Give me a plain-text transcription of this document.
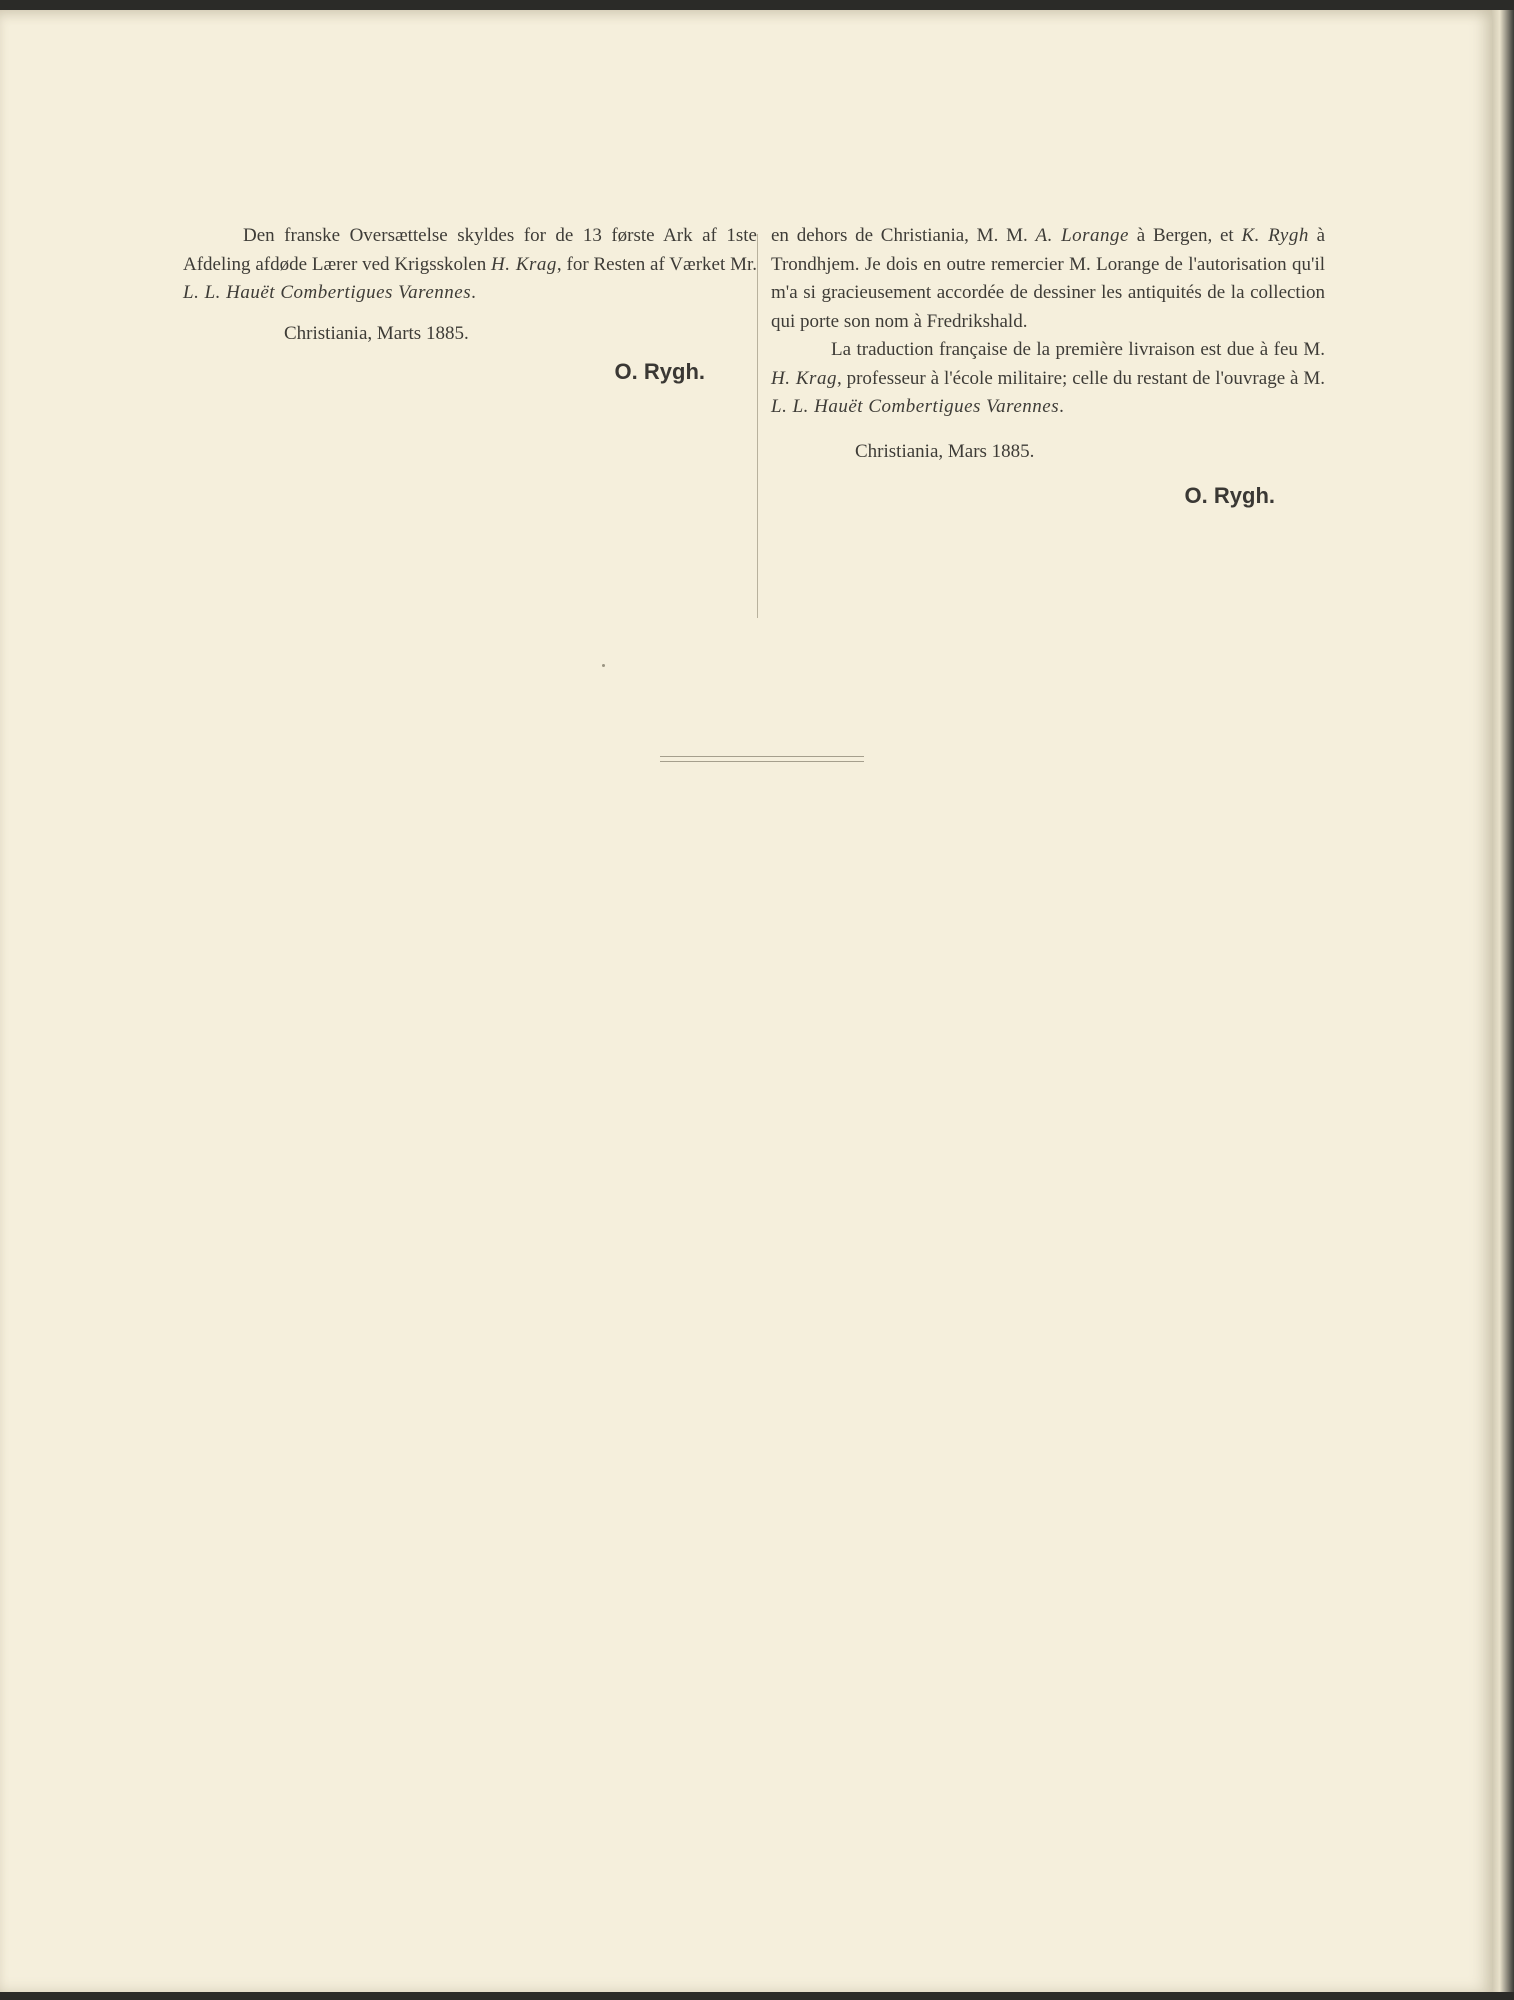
Den franske Oversættelse skyldes for de 13 første Ark af 1ste Afdeling afdøde Lærer ved Krigsskolen H. Krag, for Resten af Værket Mr. L. L. Hauët Combertigues Varennes.

Christiania, Marts 1885.
O. Rygh.

en dehors de Christiania, M. M. A. Lorange à Bergen, et K. Rygh à Trondhjem. Je dois en outre remercier M. Lorange de l'autorisation qu'il m'a si gracieusement accordée de dessiner les antiquités de la collection qui porte son nom à Fredrikshald.

La traduction française de la première livraison est due à feu M. H. Krag, professeur à l'école militaire; celle du restant de l'ouvrage à M. L. L. Hauët Combertigues Varennes.

Christiania, Mars 1885.
O. Rygh.
